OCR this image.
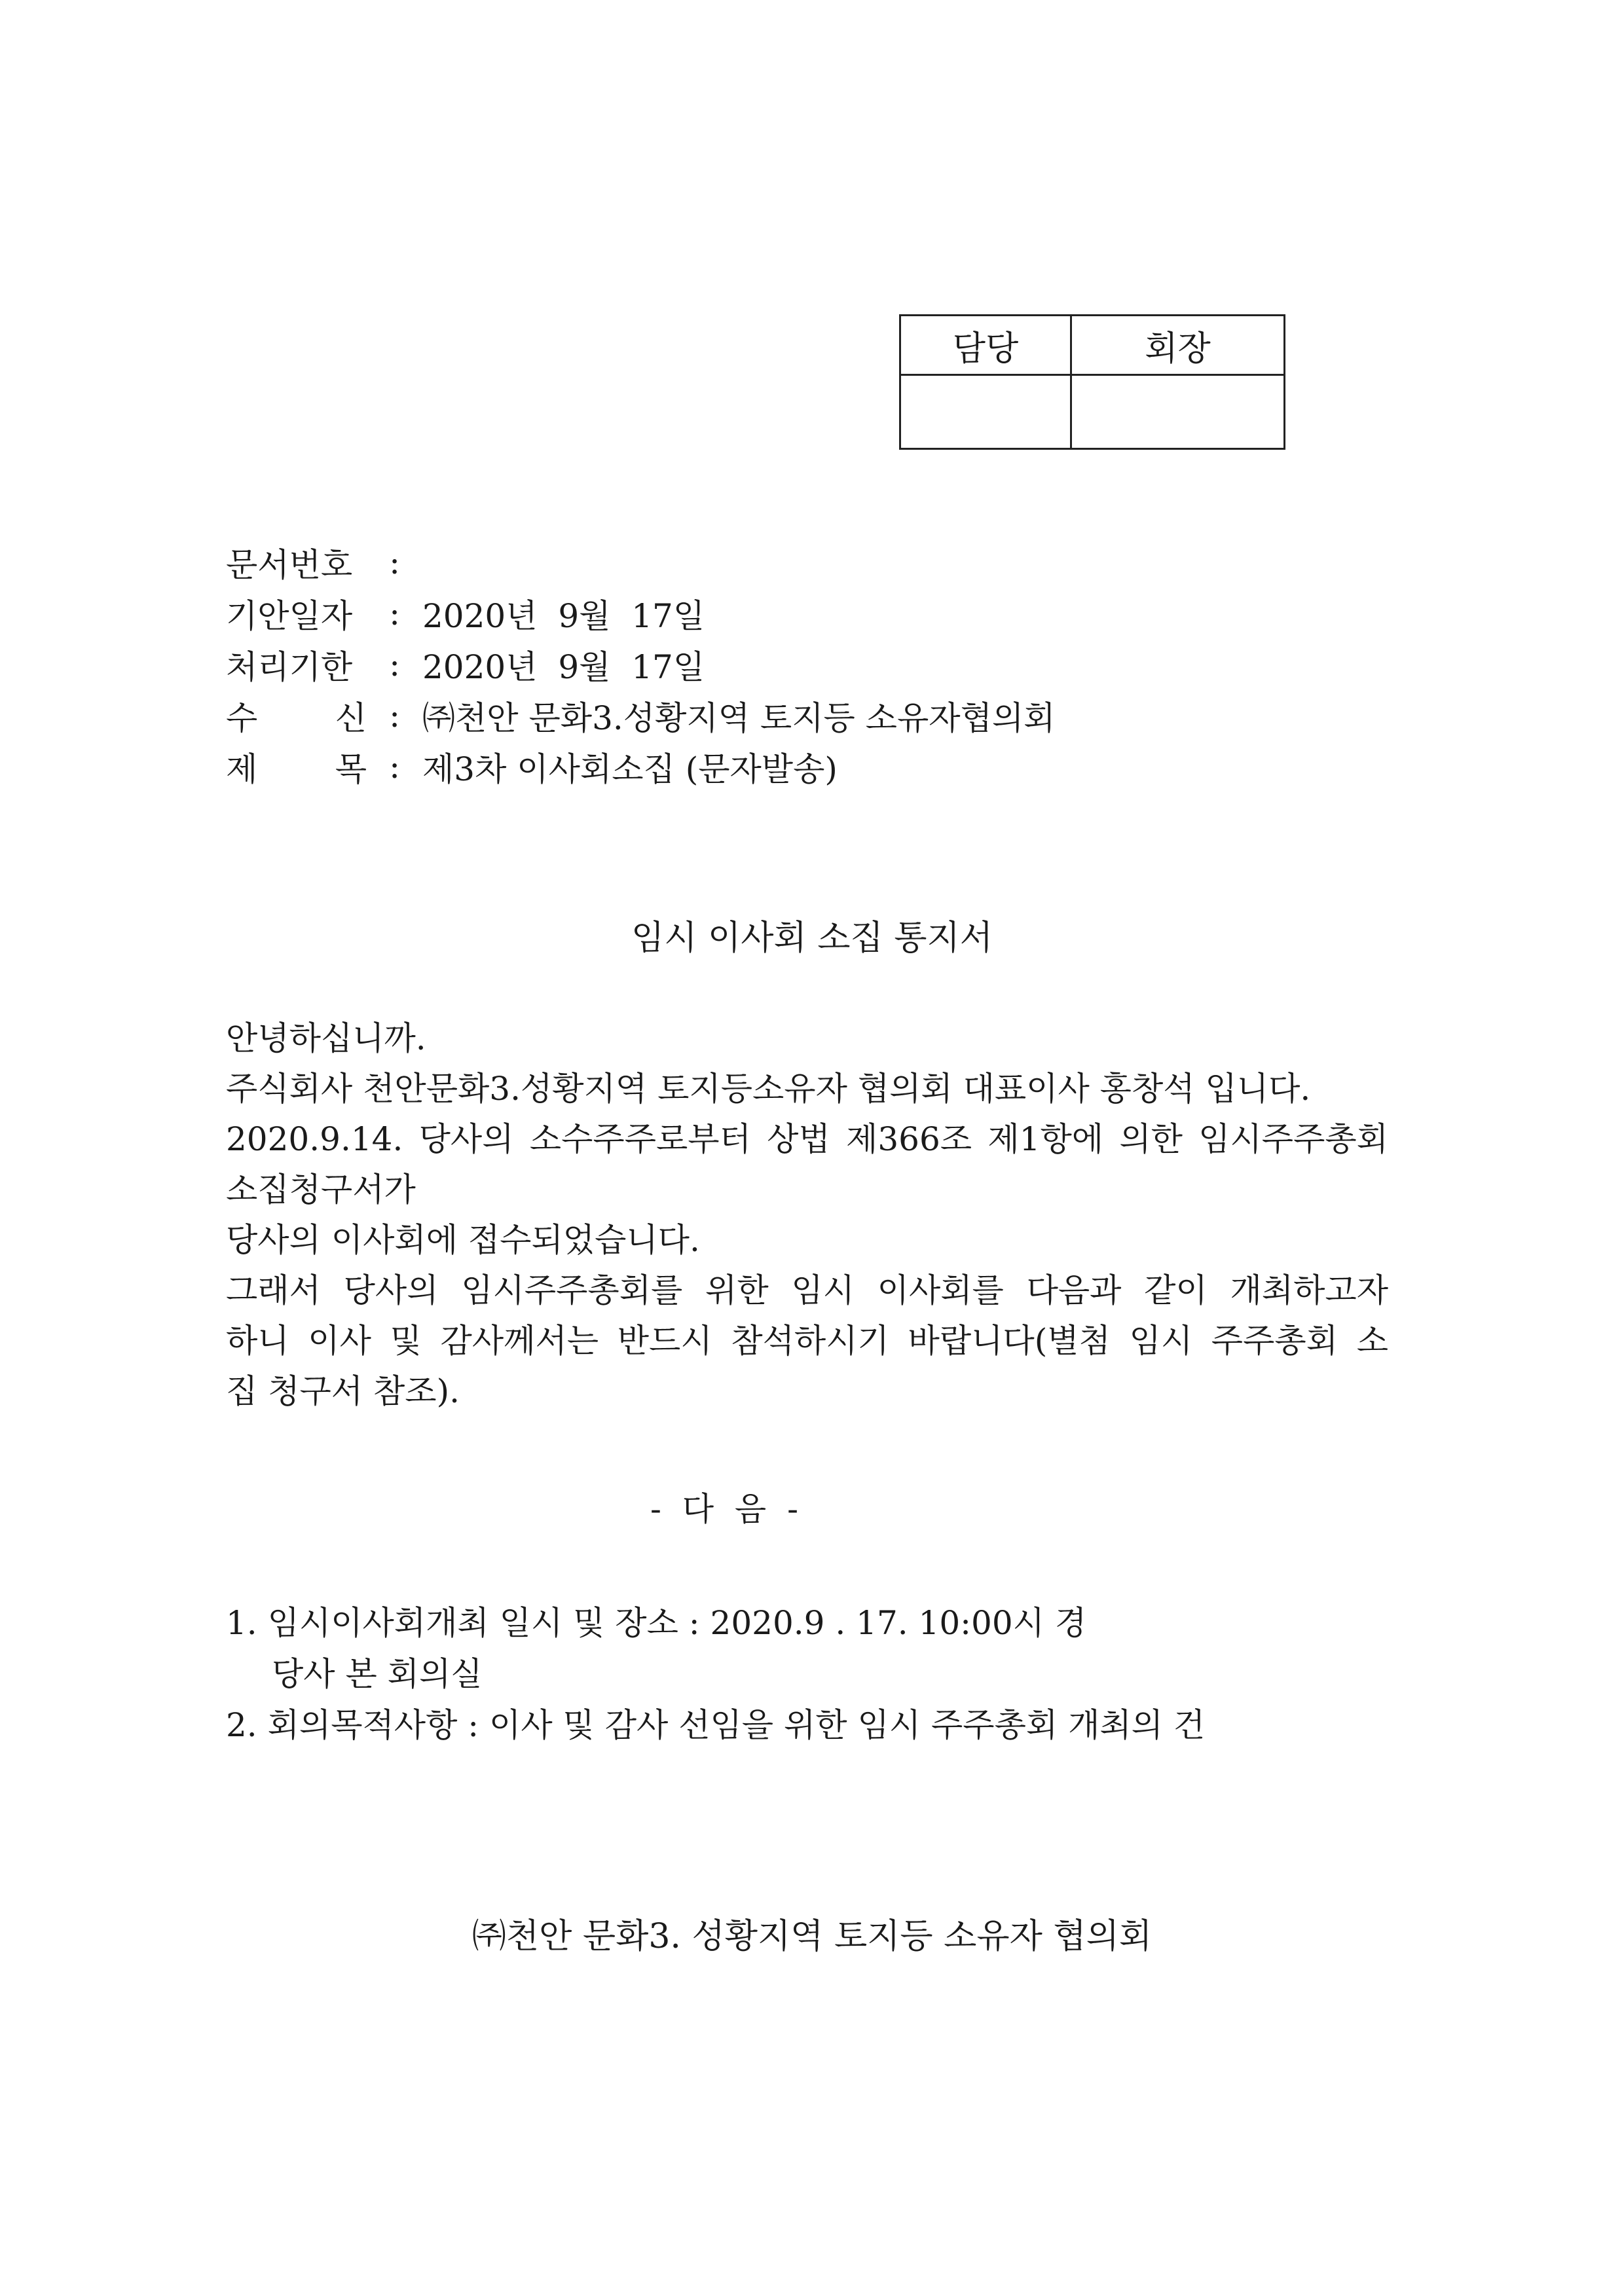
담당	회장

문서번호	:
기안일자	: 2020년  9월  17일
처리기한	: 2020년  9월  17일
수 신 : ㈜천안 문화3.성황지역 토지등 소유자협의회
제 목 : 제3차 이사회소집 (문자발송)
임시 이사회 소집 통지서

안녕하십니까.

주식회사 천안문화3.성황지역 토지등소유자 협의회 대표이사 홍창석 입니다.

2020.9.14. 당사의 소수주주로부터 상법 제366조 제1항에 의한 임시주주총회

소집청구서가

당사의 이사회에 접수되었습니다.

그래서 당사의 임시주주총회를 위한 임시 이사회를 다음과 같이 개최하고자

하니 이사 및 감사께서는 반드시 참석하시기 바랍니다(별첨 임시 주주총회 소

집 청구서 참조).

- 다 음 -

1. 임시이사회개최 일시 및 장소 : 2020.9 . 17. 10:00시 경

당사 본 회의실

2. 회의목적사항 : 이사 및 감사 선임을 위한 임시 주주총회 개최의 건

㈜천안 문화3. 성황지역 토지등 소유자 협의회
